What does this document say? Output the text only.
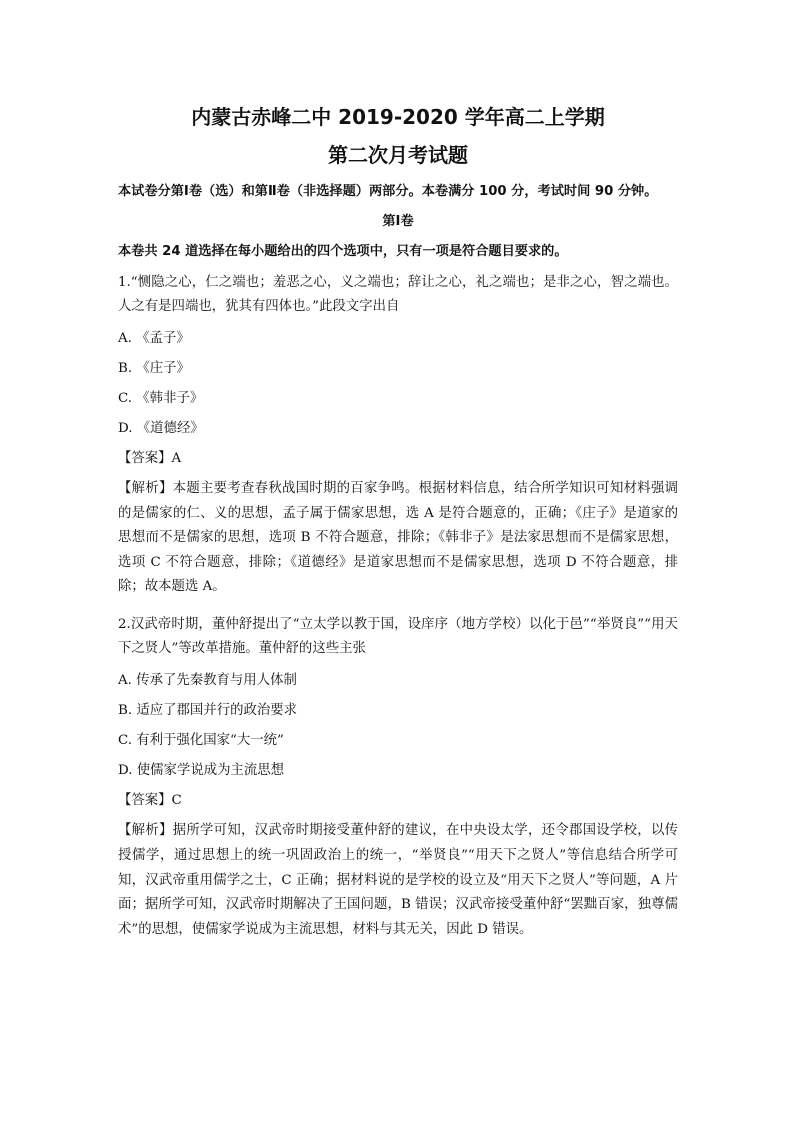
内蒙古赤峰二中 2019-2020 学年高二上学期
第二次月考试题

本试卷分第Ⅰ卷（选）和第Ⅱ卷（非选择题）两部分。本卷满分 100 分，考试时间 90 分钟。

第Ⅰ卷

本卷共 24 道选择在每小题给出的四个选项中，只有一项是符合题目要求的。

1.“恻隐之心，仁之端也；羞恶之心，义之端也；辞让之心，礼之端也；是非之心，智之端也。人之有是四端也，犹其有四体也。”此段文字出自

A. 《孟子》
B. 《庄子》
C. 《韩非子》
D. 《道德经》
【答案】A

【解析】本题主要考查春秋战国时期的百家争鸣。根据材料信息，结合所学知识可知材料强调的是儒家的仁、义的思想，孟子属于儒家思想，选 A 是符合题意的，正确；《庄子》是道家的思想而不是儒家的思想，选项 B 不符合题意，排除；《韩非子》是法家思想而不是儒家思想，选项 C 不符合题意，排除；《道德经》是道家思想而不是儒家思想，选项 D 不符合题意，排除；故本题选 A。

2.汉武帝时期，董仲舒提出了“立太学以教于国，设庠序（地方学校）以化于邑”“举贤良”“用天下之贤人”等改革措施。董仲舒的这些主张

A. 传承了先秦教育与用人体制
B. 适应了郡国并行的政治要求
C. 有利于强化国家“大一统”
D. 使儒家学说成为主流思想
【答案】C

【解析】据所学可知，汉武帝时期接受董仲舒的建议，在中央设太学，还令郡国设学校，以传授儒学，通过思想上的统一巩固政治上的统一，“举贤良”“用天下之贤人”等信息结合所学可知，汉武帝重用儒学之士，C 正确；据材料说的是学校的设立及“用天下之贤人”等问题，A 片面；据所学可知，汉武帝时期解决了王国问题，B 错误；汉武帝接受董仲舒“罢黜百家，独尊儒术”的思想，使儒家学说成为主流思想，材料与其无关，因此 D 错误。
